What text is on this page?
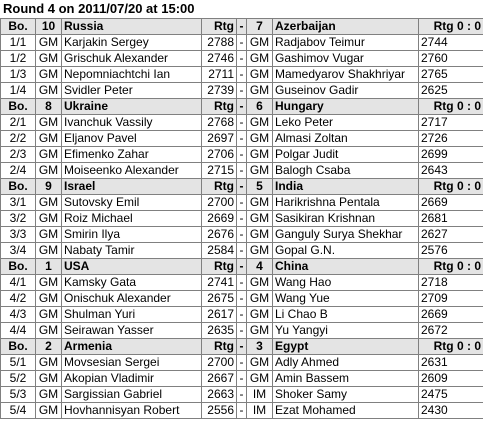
Round 4 on 2011/07/20 at 15:00
Bo.	10	Russia	Rtg	-	7	Azerbaijan	Rtg 0 : 0
1/1	GM	Karjakin Sergey	2788	-	GM	Radjabov Teimur	2744
1/2	GM	Grischuk Alexander	2746	-	GM	Gashimov Vugar	2760
1/3	GM	Nepomniachtchi Ian	2711	-	GM	Mamedyarov Shakhriyar	2765
1/4	GM	Svidler Peter	2739	-	GM	Guseinov Gadir	2625
Bo.	8	Ukraine	Rtg	-	6	Hungary	Rtg 0 : 0
2/1	GM	Ivanchuk Vassily	2768	-	GM	Leko Peter	2717
2/2	GM	Eljanov Pavel	2697	-	GM	Almasi Zoltan	2726
2/3	GM	Efimenko Zahar	2706	-	GM	Polgar Judit	2699
2/4	GM	Moiseenko Alexander	2715	-	GM	Balogh Csaba	2643
Bo.	9	Israel	Rtg	-	5	India	Rtg 0 : 0
3/1	GM	Sutovsky Emil	2700	-	GM	Harikrishna Pentala	2669
3/2	GM	Roiz Michael	2669	-	GM	Sasikiran Krishnan	2681
3/3	GM	Smirin Ilya	2676	-	GM	Ganguly Surya Shekhar	2627
3/4	GM	Nabaty Tamir	2584	-	GM	Gopal G.N.	2576
Bo.	1	USA	Rtg	-	4	China	Rtg 0 : 0
4/1	GM	Kamsky Gata	2741	-	GM	Wang Hao	2718
4/2	GM	Onischuk Alexander	2675	-	GM	Wang Yue	2709
4/3	GM	Shulman Yuri	2617	-	GM	Li Chao B	2669
4/4	GM	Seirawan Yasser	2635	-	GM	Yu Yangyi	2672
Bo.	2	Armenia	Rtg	-	3	Egypt	Rtg 0 : 0
5/1	GM	Movsesian Sergei	2700	-	GM	Adly Ahmed	2631
5/2	GM	Akopian Vladimir	2667	-	GM	Amin Bassem	2609
5/3	GM	Sargissian Gabriel	2663	-	IM	Shoker Samy	2475
5/4	GM	Hovhannisyan Robert	2556	-	IM	Ezat Mohamed	2430
